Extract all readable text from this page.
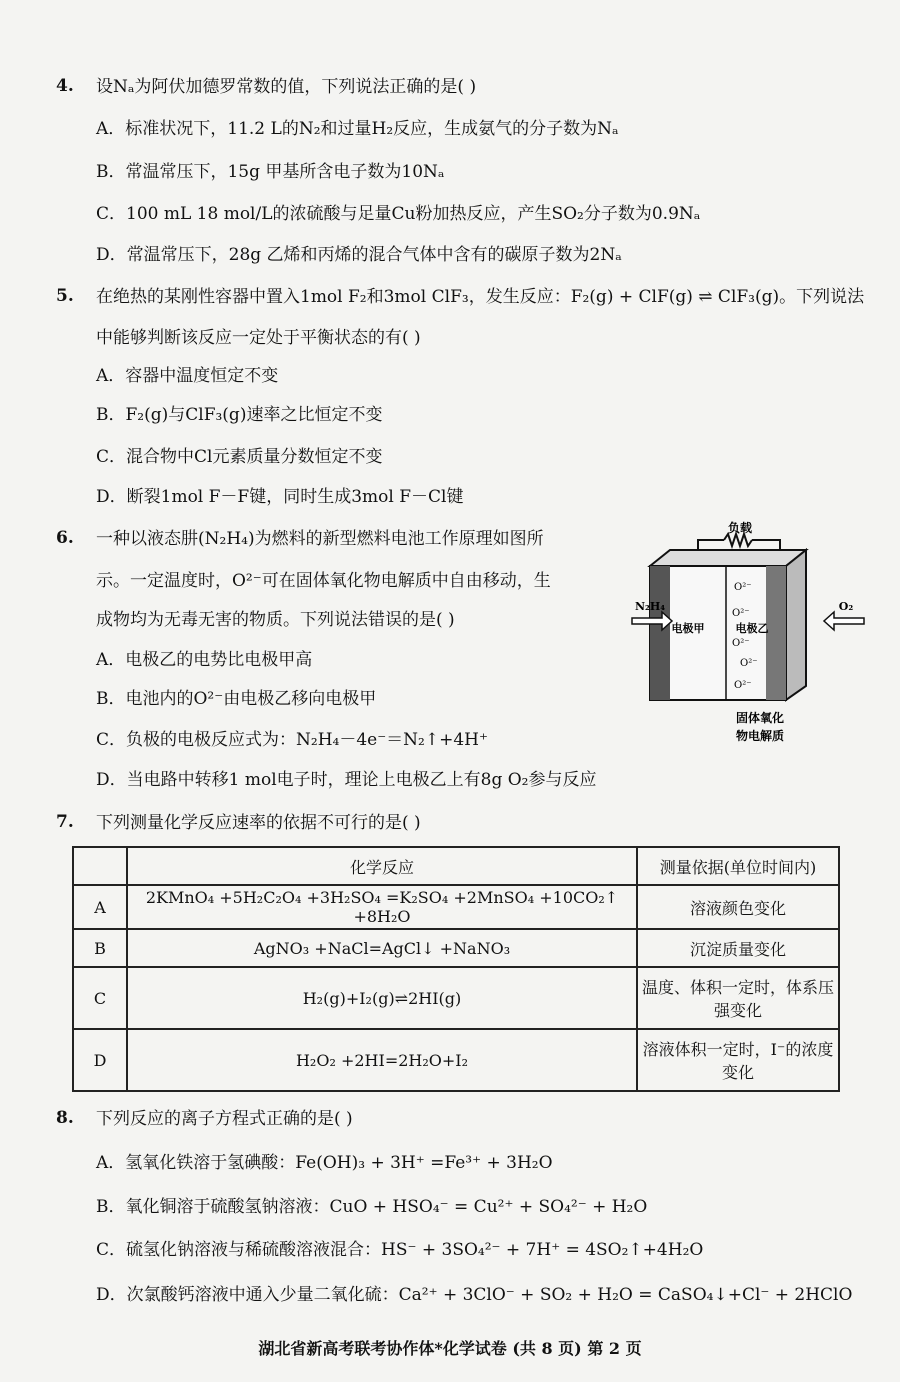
4. 设Nₐ为阿伏加德罗常数的值，下列说法正确的是( )
A．标准状况下，11.2 L的N₂和过量H₂反应，生成氨气的分子数为Nₐ
B．常温常压下，15g 甲基所含电子数为10Nₐ
C．100 mL 18 mol/L的浓硫酸与足量Cu粉加热反应，产生SO₂分子数为0.9Nₐ
D．常温常压下，28g 乙烯和丙烯的混合气体中含有的碳原子数为2Nₐ
5. 在绝热的某刚性容器中置入1mol F₂和3mol ClF₃，发生反应：F₂(g) + ClF(g) ⇌ ClF₃(g)。下列说法
中能够判断该反应一定处于平衡状态的有( )
A．容器中温度恒定不变
B．F₂(g)与ClF₃(g)速率之比恒定不变
C．混合物中Cl元素质量分数恒定不变
D．断裂1mol F－F键，同时生成3mol F－Cl键
6. 一种以液态肼(N₂H₄)为燃料的新型燃料电池工作原理如图所
示。一定温度时，O²⁻可在固体氧化物电解质中自由移动，生
成物均为无毒无害的物质。下列说法错误的是( )
A．电极乙的电势比电极甲高
B．电池内的O²⁻由电极乙移向电极甲
C．负极的电极反应式为：N₂H₄－4e⁻＝N₂↑+4H⁺
D．当电路中转移1 mol电子时，理论上电极乙上有8g O₂参与反应
负载
电极甲	电极乙
O²⁻
O²⁻
O²⁻
O²⁻
O²⁻
N₂H₄	O₂
固体氧化
物电解质
7. 下列测量化学反应速率的依据不可行的是( )
	化学反应	测量依据(单位时间内)
A	2KMnO₄ +5H₂C₂O₄ +3H₂SO₄ =K₂SO₄ +2MnSO₄ +10CO₂↑ +8H₂O	溶液颜色变化
B	AgNO₃ +NaCl=AgCl↓ +NaNO₃	沉淀质量变化
C	H₂(g)+I₂(g)⇌2HI(g)	温度、体积一定时，体系压强变化
D	H₂O₂ +2HI=2H₂O+I₂	溶液体积一定时，I⁻的浓度变化
8. 下列反应的离子方程式正确的是( )
A．氢氧化铁溶于氢碘酸：Fe(OH)₃ + 3H⁺ =Fe³⁺ + 3H₂O
B．氧化铜溶于硫酸氢钠溶液：CuO + HSO₄⁻ = Cu²⁺ + SO₄²⁻ + H₂O
C．硫氢化钠溶液与稀硫酸溶液混合：HS⁻ + 3SO₄²⁻ + 7H⁺ = 4SO₂↑+4H₂O
D．次氯酸钙溶液中通入少量二氧化硫：Ca²⁺ + 3ClO⁻ + SO₂ + H₂O = CaSO₄↓+Cl⁻ + 2HClO
湖北省新高考联考协作体*化学试卷 (共 8 页) 第 2 页
